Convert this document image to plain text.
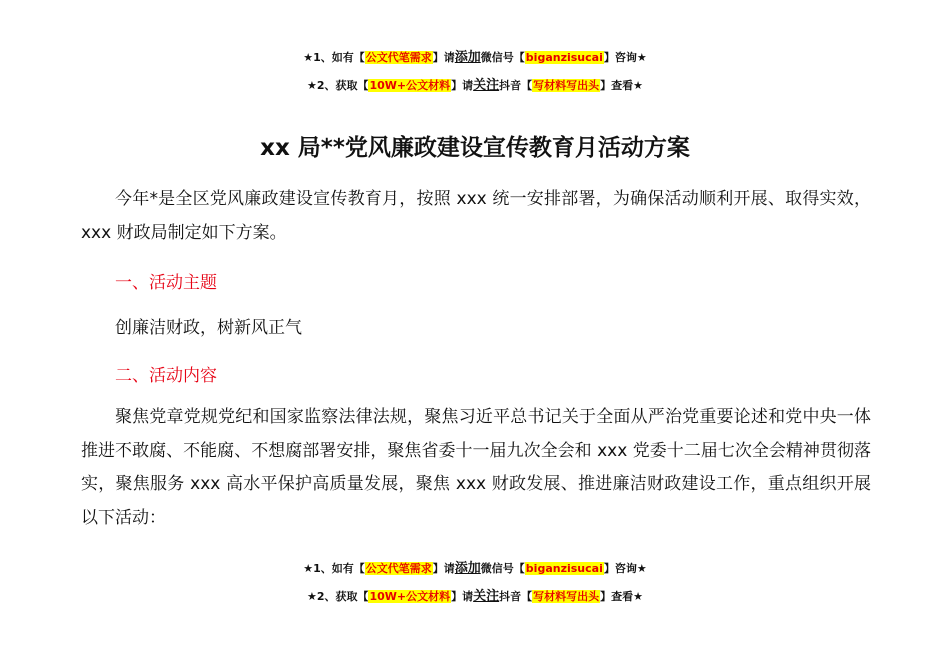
★1、如有【公文代笔需求】请添加微信号【biganzisucai】咨询★
★2、获取【10W+公文材料】请关注抖音【写材料写出头】查看★
xx 局**党风廉政建设宣传教育月活动方案
今年*是全区党风廉政建设宣传教育月，按照 xxx 统一安排部署，为确保活动顺利开展、取得实效，xxx 财政局制定如下方案。
一、活动主题
创廉洁财政，树新风正气
二、活动内容
聚焦党章党规党纪和国家监察法律法规，聚焦习近平总书记关于全面从严治党重要论述和党中央一体推进不敢腐、不能腐、不想腐部署安排，聚焦省委十一届九次全会和 xxx 党委十二届七次全会精神贯彻落实，聚焦服务 xxx 高水平保护高质量发展，聚焦 xxx 财政发展、推进廉洁财政建设工作，重点组织开展以下活动：
★1、如有【公文代笔需求】请添加微信号【biganzisucai】咨询★
★2、获取【10W+公文材料】请关注抖音【写材料写出头】查看★
